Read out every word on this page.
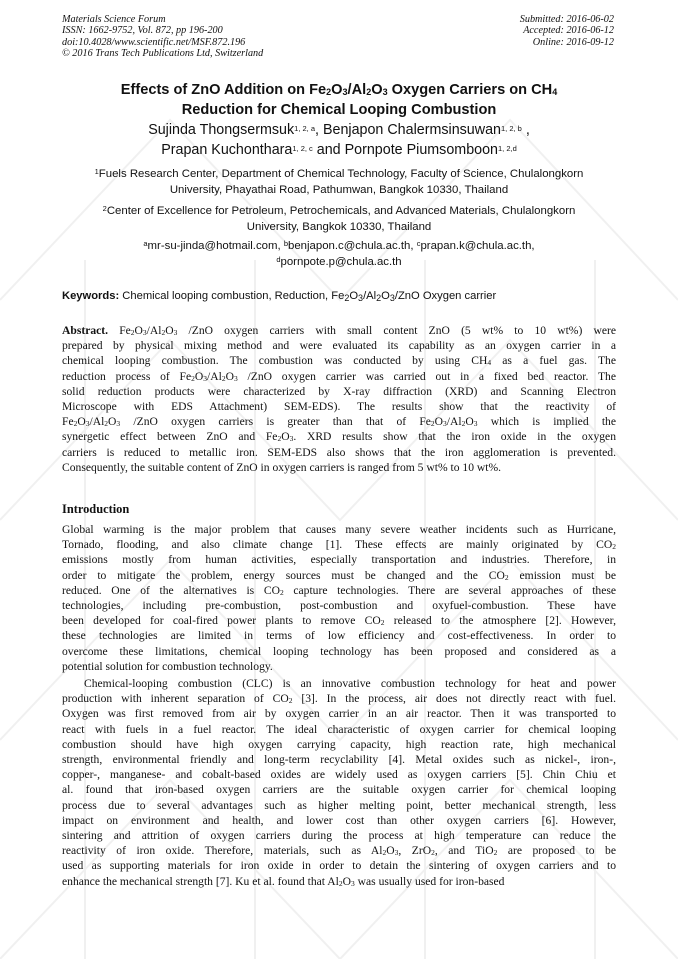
Materials Science Forum
ISSN: 1662-9752, Vol. 872, pp 196-200
doi:10.4028/www.scientific.net/MSF.872.196
© 2016 Trans Tech Publications Ltd, Switzerland
Submitted: 2016-06-02
Accepted: 2016-06-12
Online: 2016-09-12
Effects of ZnO Addition on $Fe_2O_3/Al_2O_3$ Oxygen Carriers on $CH_4$
Reduction for Chemical Looping Combustion
Sujinda Thongsermsuk$^{1, 2, a}$, Benjapon Chalermsinsuwan$^{1, 2, b}$ ,
Prapan Kuchonthara$^{1, 2, c}$ and Pornpote Piumsomboon$^{1, 2,d}$
$^1$Fuels Research Center, Department of Chemical Technology, Faculty of Science, Chulalongkorn
University, Phayathai Road, Pathumwan, Bangkok 10330, Thailand
$^2$Center of Excellence for Petroleum, Petrochemicals, and Advanced Materials, Chulalongkorn
University, Bangkok 10330, Thailand
$^a$mr-su-jinda@hotmail.com, $^b$benjapon.c@chula.ac.th, $^c$prapan.k@chula.ac.th,
$^d$pornpote.p@chula.ac.th
Keywords: Chemical looping combustion, Reduction, $Fe_2O_3/Al_2O_3$/ZnO Oxygen carrier
Abstract. $Fe_2O_3/Al_2O_3$ /ZnO oxygen carriers with small content ZnO (5 wt% to 10 wt%) were
prepared by physical mixing method and were evaluated its capability as an oxygen carrier in a
chemical looping combustion. The combustion was conducted by using $CH_4$ as a fuel gas. The
reduction process of $Fe_2O_3/Al_2O_3$ /ZnO oxygen carrier was carried out in a fixed bed reactor. The
solid reduction products were characterized by X-ray diffraction (XRD) and Scanning Electron
Microscope with EDS Attachment) SEM-EDS). The results show that the reactivity of
$Fe_2O_3/Al_2O_3$ /ZnO oxygen carriers is greater than that of $Fe_2O_3/Al_2O_3$ which is implied the
synergetic effect between ZnO and $Fe_2O_3$. XRD results show that the iron oxide in the oxygen
carriers is reduced to metallic iron. SEM-EDS also shows that the iron agglomeration is prevented.
Consequently, the suitable content of ZnO in oxygen carriers is ranged from 5 wt% to 10 wt%.
Introduction
Global warming is the major problem that causes many severe weather incidents such as Hurricane,
Tornado, flooding, and also climate change [1]. These effects are mainly originated by $CO_2$
emissions mostly from human activities, especially transportation and industries. Therefore, in
order to mitigate the problem, energy sources must be changed and the $CO_2$ emission must be
reduced. One of the alternatives is $CO_2$ capture technologies. There are several approaches of these
technologies, including pre-combustion, post-combustion and oxyfuel-combustion. These have
been developed for coal-fired power plants to remove $CO_2$ released to the atmosphere [2]. However,
these technologies are limited in terms of low efficiency and cost-effectiveness. In order to
overcome these limitations, chemical looping technology has been proposed and considered as a
potential solution for combustion technology.
Chemical-looping combustion (CLC) is an innovative combustion technology for heat and power
production with inherent separation of $CO_2$ [3]. In the process, air does not directly react with fuel.
Oxygen was first removed from air by oxygen carrier in an air reactor. Then it was transported to
react with fuels in a fuel reactor. The ideal characteristic of oxygen carrier for chemical looping
combustion should have high oxygen carrying capacity, high reaction rate, high mechanical
strength, environmental friendly and long-term recyclability [4]. Metal oxides such as nickel-, iron-,
copper-, manganese- and cobalt-based oxides are widely used as oxygen carriers [5]. Chin Chiu et
al. found that iron-based oxygen carriers are the suitable oxygen carrier for chemical looping
process due to several advantages such as higher melting point, better mechanical strength, less
impact on environment and health, and lower cost than other oxygen carriers [6]. However,
sintering and attrition of oxygen carriers during the process at high temperature can reduce the
reactivity of iron oxide. Therefore, materials, such as $Al_2O_3$, ZrO$_2$, and TiO$_2$ are proposed to be
used as supporting materials for iron oxide in order to detain the sintering of oxygen carriers and to
enhance the mechanical strength [7]. Ku et al. found that $Al_2O_3$ was usually used for iron-based
